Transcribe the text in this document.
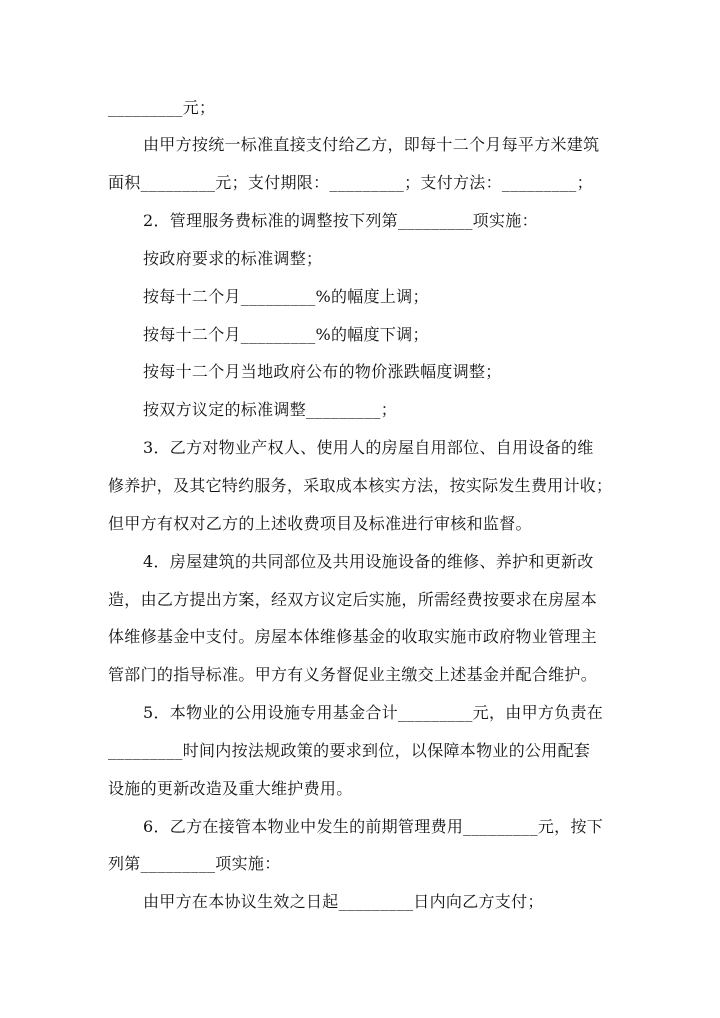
_________元；
由甲方按统一标准直接支付给乙方，即每十二个月每平方米建筑
面积_________元；支付期限：_________；支付方法：_________；
2．管理服务费标准的调整按下列第_________项实施：
按政府要求的标准调整；
按每十二个月_________%的幅度上调；
按每十二个月_________%的幅度下调；
按每十二个月当地政府公布的物价涨跌幅度调整；
按双方议定的标准调整_________；
3．乙方对物业产权人、使用人的房屋自用部位、自用设备的维
修养护，及其它特约服务，采取成本核实方法，按实际发生费用计收；
但甲方有权对乙方的上述收费项目及标准进行审核和监督。
4．房屋建筑的共同部位及共用设施设备的维修、养护和更新改
造，由乙方提出方案，经双方议定后实施，所需经费按要求在房屋本
体维修基金中支付。房屋本体维修基金的收取实施市政府物业管理主
管部门的指导标准。甲方有义务督促业主缴交上述基金并配合维护。
5．本物业的公用设施专用基金合计_________元，由甲方负责在
_________时间内按法规政策的要求到位，以保障本物业的公用配套
设施的更新改造及重大维护费用。
6．乙方在接管本物业中发生的前期管理费用_________元，按下
列第_________项实施：
由甲方在本协议生效之日起_________日内向乙方支付；
